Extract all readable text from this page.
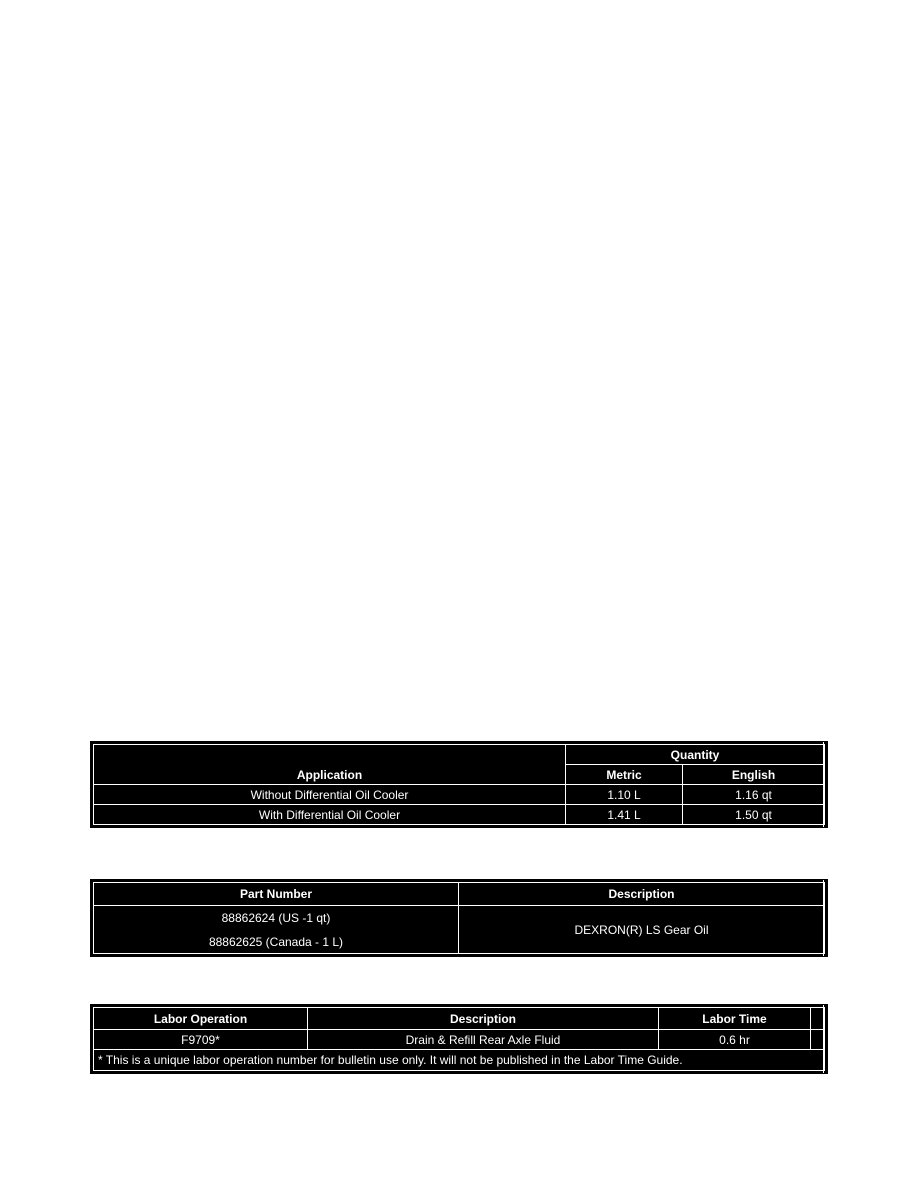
Application	Quantity	
	Metric	English
Without Differential Oil Cooler	1.10 L	1.16 qt
With Differential Oil Cooler	1.41 L	1.50 qt
Part Number	Description

88862624 (US -1 qt)
88862625 (Canada - 1 L)	DEXRON(R) LS Gear Oil
Labor Operation	Description	Labor Time	
F9709*	Drain & Refill Rear Axle Fluid	0.6 hr	
* This is a unique labor operation number for bulletin use only. It will not be published in the Labor Time Guide.			
